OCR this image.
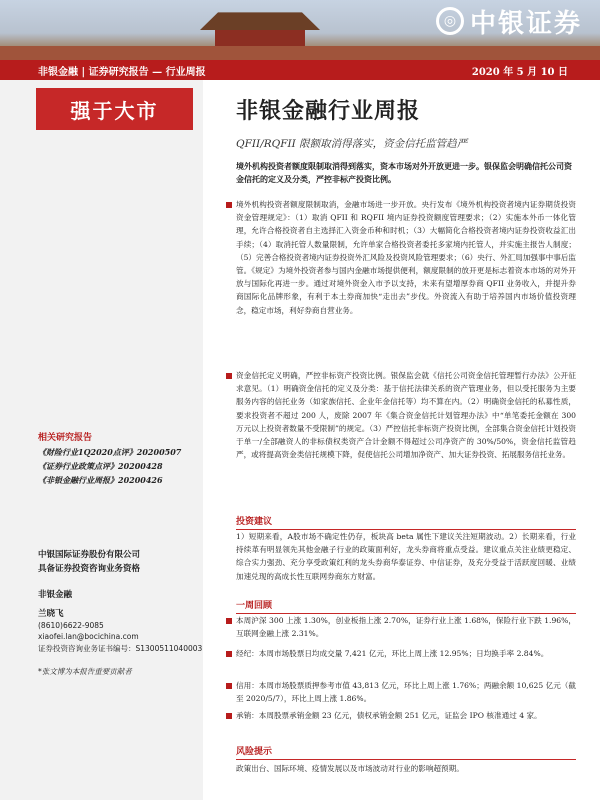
◎ 中银证券
非银金融 | 证券研究报告 — 行业周报	2020 年 5 月 10 日
强于大市
相关研究报告
《财险行业1Q2020点评》20200507
《证券行业政策点评》20200428
《非银金融行业周报》20200426
中银国际证券股份有限公司
具备证券投资咨询业务资格
非银金融
兰晓飞
(8610)6622-9085
xiaofei.lan@bocichina.com
证券投资咨询业务证书编号：S1300511040003
*张文博为本报告重要贡献者
非银金融行业周报
QFII/RQFII 限额取消得落实，资金信托监管趋严
境外机构投资者额度限制取消得到落实，资本市场对外开放更进一步。银保监会明确信托公司资金信托的定义及分类，严控非标产投资比例。
境外机构投资者额度限制取消，金融市场进一步开放。央行发布《境外机构投资者境内证券期货投资资金管理规定》：（1）取消 QFII 和 RQFII 境内证券投资额度管理要求；（2）实施本外币一体化管理，允许合格投资者自主选择汇入资金币种和时机；（3）大幅简化合格投资者境内证券投资收益汇出手续；（4）取消托管人数量限制，允许单家合格投资者委托多家境内托管人，并实施主报告人制度；（5）完善合格投资者境内证券投资外汇风险及投资风险管理要求；（6）央行、外汇局加强事中事后监管。《规定》为境外投资者参与国内金融市场提供便利，额度限制的放开更是标志着资本市场的对外开放与国际化再进一步。通过对境外资金入市予以支持，未来有望增厚券商 QFII 业务收入，并提升券商国际化品牌形象，有利于本土券商加快“走出去”步伐。外资流入有助于培养国内市场价值投资理念，稳定市场，利好券商自营业务。
资金信托定义明确，严控非标资产投资比例。银保监会就《信托公司资金信托管理暂行办法》公开征求意见。（1）明确资金信托的定义及分类：基于信托法律关系的资产管理业务，但以受托服务为主要服务内容的信托业务（如家族信托、企业年金信托等）均不算在内。（2）明确资金信托的私募性质，要求投资者不超过 200 人，废除 2007 年《集合资金信托计划管理办法》中“单笔委托金额在 300 万元以上投资者数量不受限制”的规定。（3）严控信托非标资产投资比例，全部集合资金信托计划投资于单一/全部融资人的非标债权类资产合计金额不得超过公司净资产的 30%/50%，资金信托监管趋严，或将提高资金类信托规模下降，促使信托公司增加净资产、加大证券投资、拓展服务信托业务。
投资建议
1）短期来看，A股市场不确定性仍存，板块高 beta 属性下建议关注短期波动。2）长期来看，行业持续革有明显领先其他金融子行业的政策面利好，龙头券商将重点受益。建议重点关注业绩更稳定、综合实力强劲、充分享受政策红利的龙头券商华泰证券、中信证券，及充分受益于活跃度回暖、业绩加速兑现的高成长性互联网券商东方财富。
一周回顾
本周沪深 300 上涨 1.30%，创业板指上涨 2.70%，证券行业上涨 1.68%，保险行业下跌 1.96%，互联网金融上涨 2.31%。
经纪：本周市场股票日均成交量 7,421 亿元，环比上周上涨 12.95%；日均换手率 2.84%。
信用：本周市场股票质押参考市值 43,813 亿元，环比上周上涨 1.76%；两融余额 10,625 亿元（截至 2020/5/7），环比上周上涨 1.86%。
承销：本周股票承销金额 23 亿元，债权承销金额 251 亿元，证监会 IPO 核准通过 4 家。
风险提示
政策出台、国际环境、疫情发展以及市场波动对行业的影响超预期。
